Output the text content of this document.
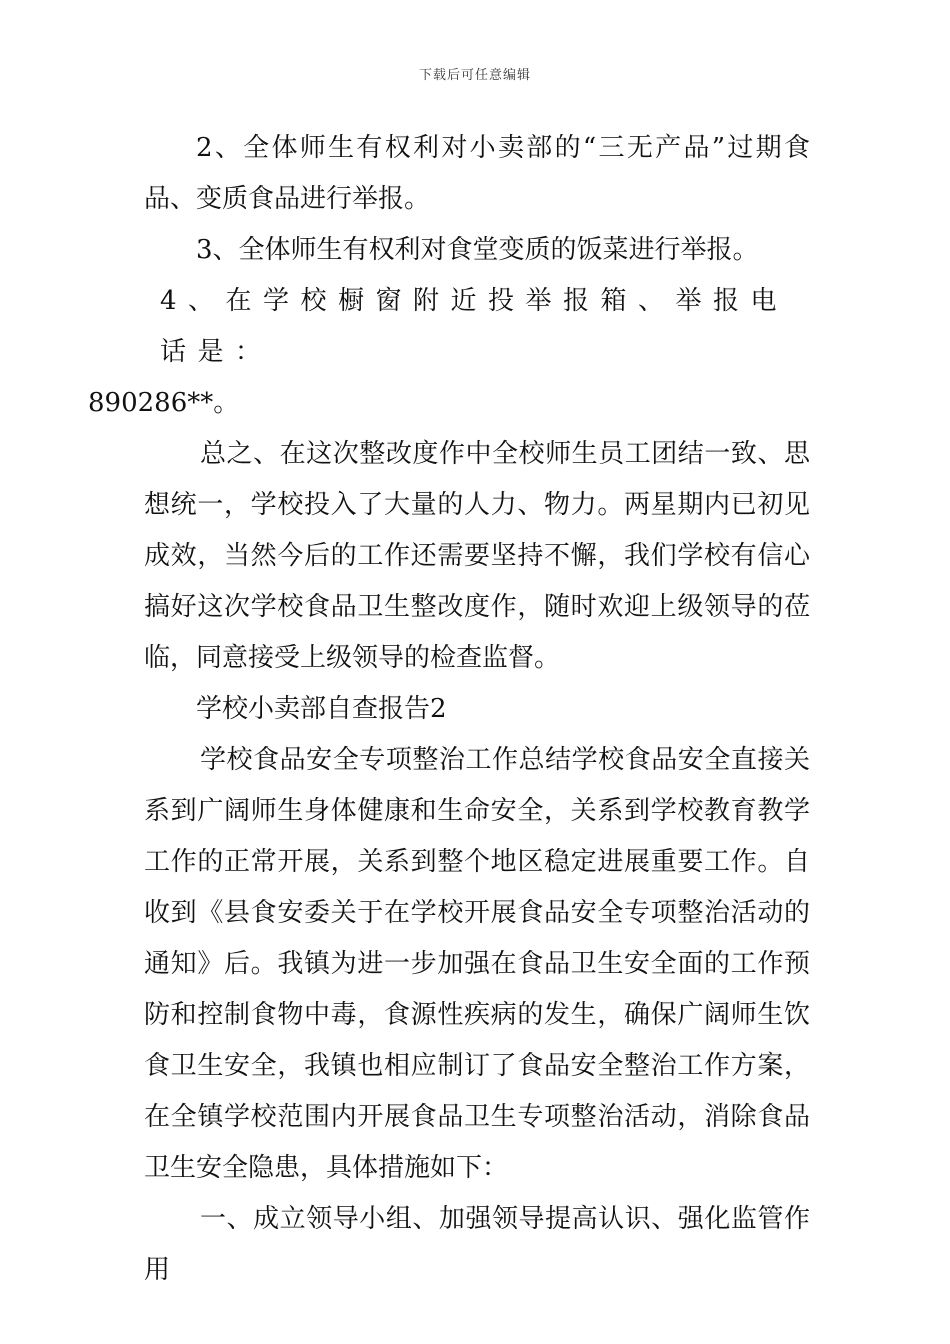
下载后可任意编辑

2、全体师生有权利对小卖部的“三无产品”过期食品、变质食品进行举报。

3、全体师生有权利对食堂变质的饭菜进行举报。

4、在学校橱窗附近投举报箱、举报电话是：
890286**。

总之、在这次整改度作中全校师生员工团结一致、思想统一，学校投入了大量的人力、物力。两星期内已初见成效，当然今后的工作还需要坚持不懈，我们学校有信心搞好这次学校食品卫生整改度作，随时欢迎上级领导的莅临，同意接受上级领导的检查监督。

学校小卖部自查报告2

学校食品安全专项整治工作总结学校食品安全直接关系到广阔师生身体健康和生命安全，关系到学校教育教学工作的正常开展，关系到整个地区稳定进展重要工作。自收到《县食安委关于在学校开展食品安全专项整治活动的通知》后。我镇为进一步加强在食品卫生安全面的工作预防和控制食物中毒，食源性疾病的发生，确保广阔师生饮食卫生安全，我镇也相应制订了食品安全整治工作方案，在全镇学校范围内开展食品卫生专项整治活动，消除食品卫生安全隐患，具体措施如下：

一、成立领导小组、加强领导提高认识、强化监管作用
